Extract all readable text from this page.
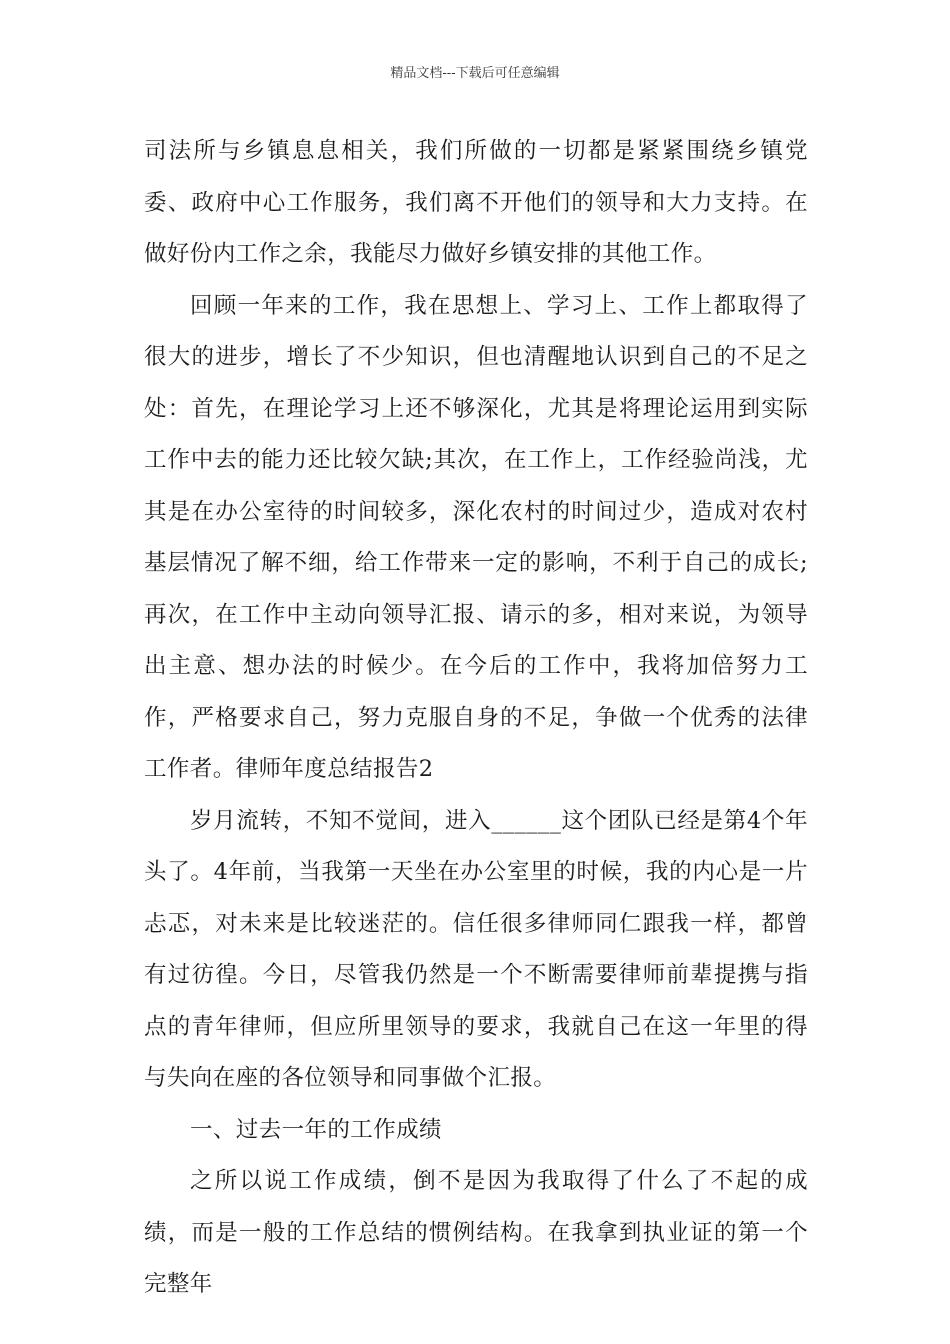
精品文档---下载后可任意编辑

司法所与乡镇息息相关，我们所做的一切都是紧紧围绕乡镇党委、政府中心工作服务，我们离不开他们的领导和大力支持。在做好份内工作之余，我能尽力做好乡镇安排的其他工作。

回顾一年来的工作，我在思想上、学习上、工作上都取得了很大的进步，增长了不少知识，但也清醒地认识到自己的不足之处：首先，在理论学习上还不够深化，尤其是将理论运用到实际工作中去的能力还比较欠缺;其次，在工作上，工作经验尚浅，尤其是在办公室待的时间较多，深化农村的时间过少，造成对农村基层情况了解不细，给工作带来一定的影响，不利于自己的成长;再次，在工作中主动向领导汇报、请示的多，相对来说，为领导出主意、想办法的时候少。在今后的工作中，我将加倍努力工作，严格要求自己，努力克服自身的不足，争做一个优秀的法律工作者。律师年度总结报告2

岁月流转，不知不觉间，进入______这个团队已经是第4个年头了。4年前，当我第一天坐在办公室里的时候，我的内心是一片忐忑，对未来是比较迷茫的。信任很多律师同仁跟我一样，都曾有过彷徨。今日，尽管我仍然是一个不断需要律师前辈提携与指点的青年律师，但应所里领导的要求，我就自己在这一年里的得与失向在座的各位领导和同事做个汇报。

一、过去一年的工作成绩

之所以说工作成绩，倒不是因为我取得了什么了不起的成绩，而是一般的工作总结的惯例结构。在我拿到执业证的第一个完整年
